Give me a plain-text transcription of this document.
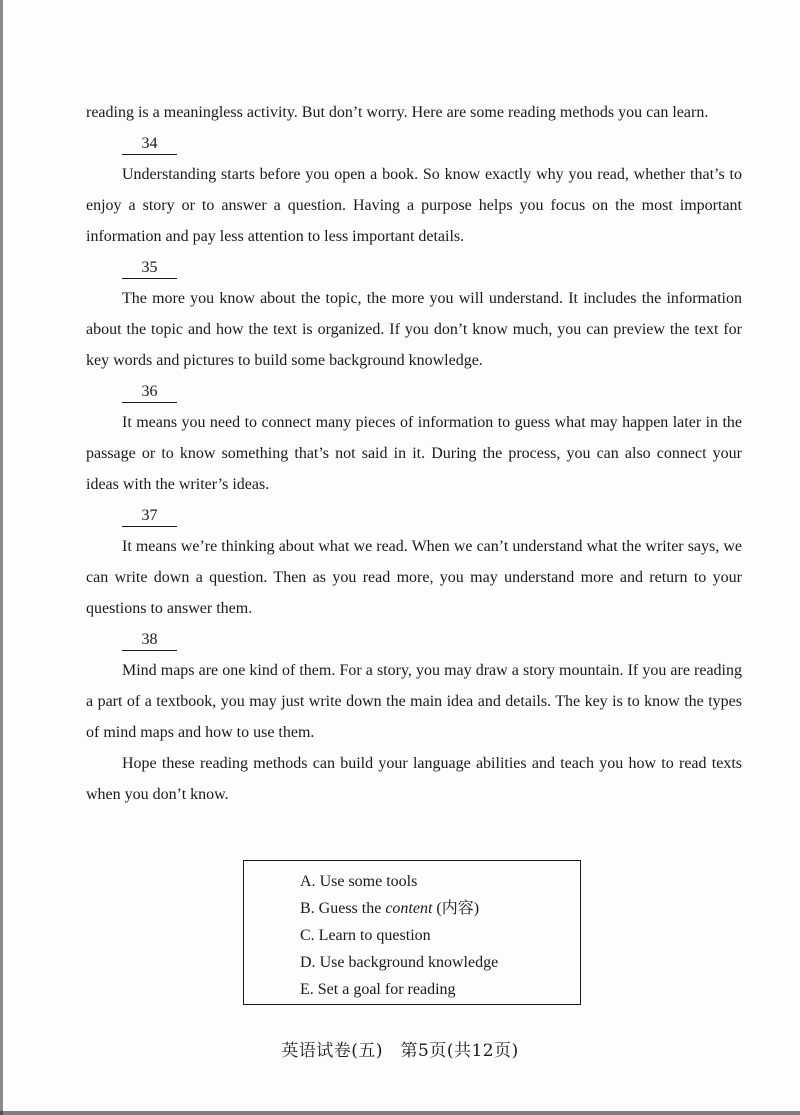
reading is a meaningless activity. But don’t worry. Here are some reading methods you can learn.

34

Understanding starts before you open a book. So know exactly why you read, whether that’s to enjoy a story or to answer a question. Having a purpose helps you focus on the most important information and pay less attention to less important details.

35

The more you know about the topic, the more you will understand. It includes the information about the topic and how the text is organized. If you don’t know much, you can preview the text for key words and pictures to build some background knowledge.

36

It means you need to connect many pieces of information to guess what may happen later in the passage or to know something that’s not said in it. During the process, you can also connect your ideas with the writer’s ideas.

37

It means we’re thinking about what we read. When we can’t understand what the writer says, we can write down a question. Then as you read more, you may understand more and return to your questions to answer them.

38

Mind maps are one kind of them. For a story, you may draw a story mountain. If you are reading a part of a textbook, you may just write down the main idea and details. The key is to know the types of mind maps and how to use them.

Hope these reading methods can build your language abilities and teach you how to read texts when you don’t know.

A. Use some tools
B. Guess the content (内容)
C. Learn to question
D. Use background knowledge
E. Set a goal for reading
英语试卷(五)　第5页(共12页)
